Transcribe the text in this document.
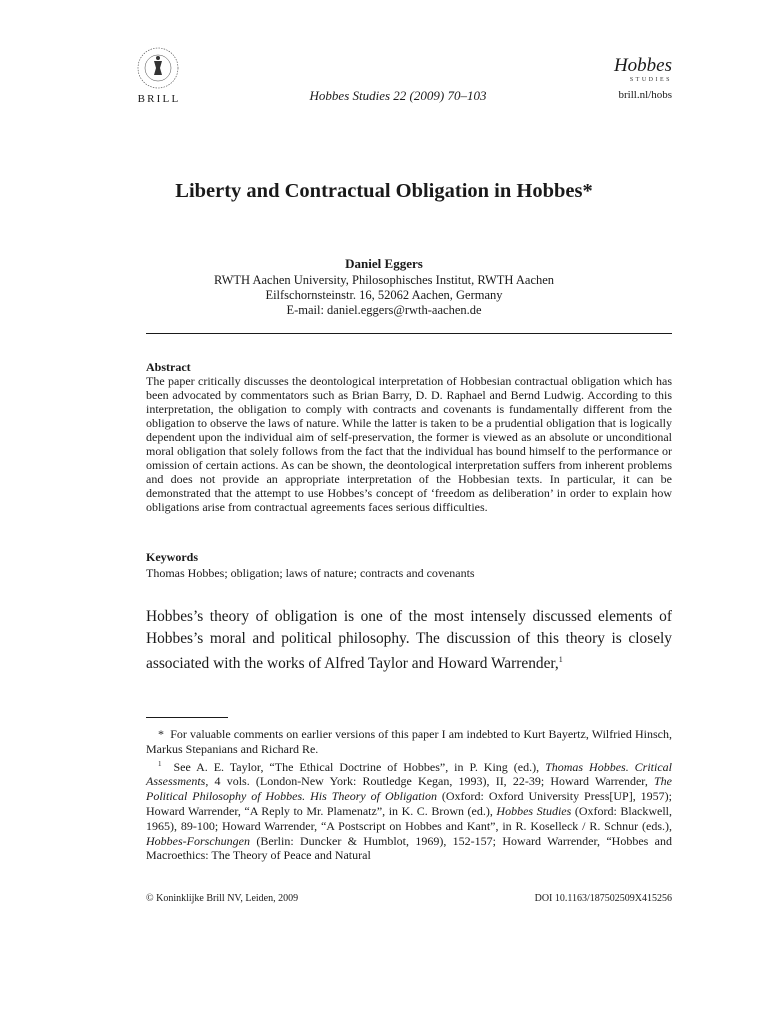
BRILL	Hobbes Studies 22 (2009) 70–103
Hobbes
STUDIES
brill.nl/hobs
Liberty and Contractual Obligation in Hobbes*
Daniel Eggers
RWTH Aachen University, Philosophisches Institut, RWTH Aachen
Eilfschornsteinstr. 16, 52062 Aachen, Germany
E-mail: daniel.eggers@rwth-aachen.de
Abstract
The paper critically discusses the deontological interpretation of Hobbesian contractual obligation which has been advocated by commentators such as Brian Barry, D. D. Raphael and Bernd Ludwig. According to this interpretation, the obligation to comply with contracts and covenants is fundamentally different from the obligation to observe the laws of nature. While the latter is taken to be a prudential obligation that is logically dependent upon the individual aim of self-preservation, the former is viewed as an absolute or unconditional moral obligation that solely follows from the fact that the individual has bound himself to the performance or omission of certain actions. As can be shown, the deontological interpretation suffers from inherent problems and does not provide an appropriate interpretation of the Hobbesian texts. In particular, it can be demonstrated that the attempt to use Hobbes’s concept of ‘freedom as deliberation’ in order to explain how obligations arise from contractual agreements faces serious difficulties.
Keywords
Thomas Hobbes; obligation; laws of nature; contracts and covenants
Hobbes’s theory of obligation is one of the most intensely discussed elements of Hobbes’s moral and political philosophy. The discussion of this theory is closely associated with the works of Alfred Taylor and Howard Warrender,$^1$

* For valuable comments on earlier versions of this paper I am indebted to Kurt Bayertz, Wilfried Hinsch, Markus Stepanians and Richard Re.

$^1$ See A. E. Taylor, “The Ethical Doctrine of Hobbes”, in P. King (ed.), Thomas Hobbes. Critical Assessments, 4 vols. (London-New York: Routledge Kegan, 1993), II, 22-39; Howard Warrender, The Political Philosophy of Hobbes. His Theory of Obligation (Oxford: Oxford University Press[UP], 1957); Howard Warrender, “A Reply to Mr. Plamenatz”, in K. C. Brown (ed.), Hobbes Studies (Oxford: Blackwell, 1965), 89-100; Howard Warrender, “A Postscript on Hobbes and Kant”, in R. Koselleck / R. Schnur (eds.), Hobbes-Forschungen (Berlin: Duncker & Humblot, 1969), 152-157; Howard Warrender, “Hobbes and Macroethics: The Theory of Peace and Natural

© Koninklijke Brill NV, Leiden, 2009	DOI 10.1163/187502509X415256
